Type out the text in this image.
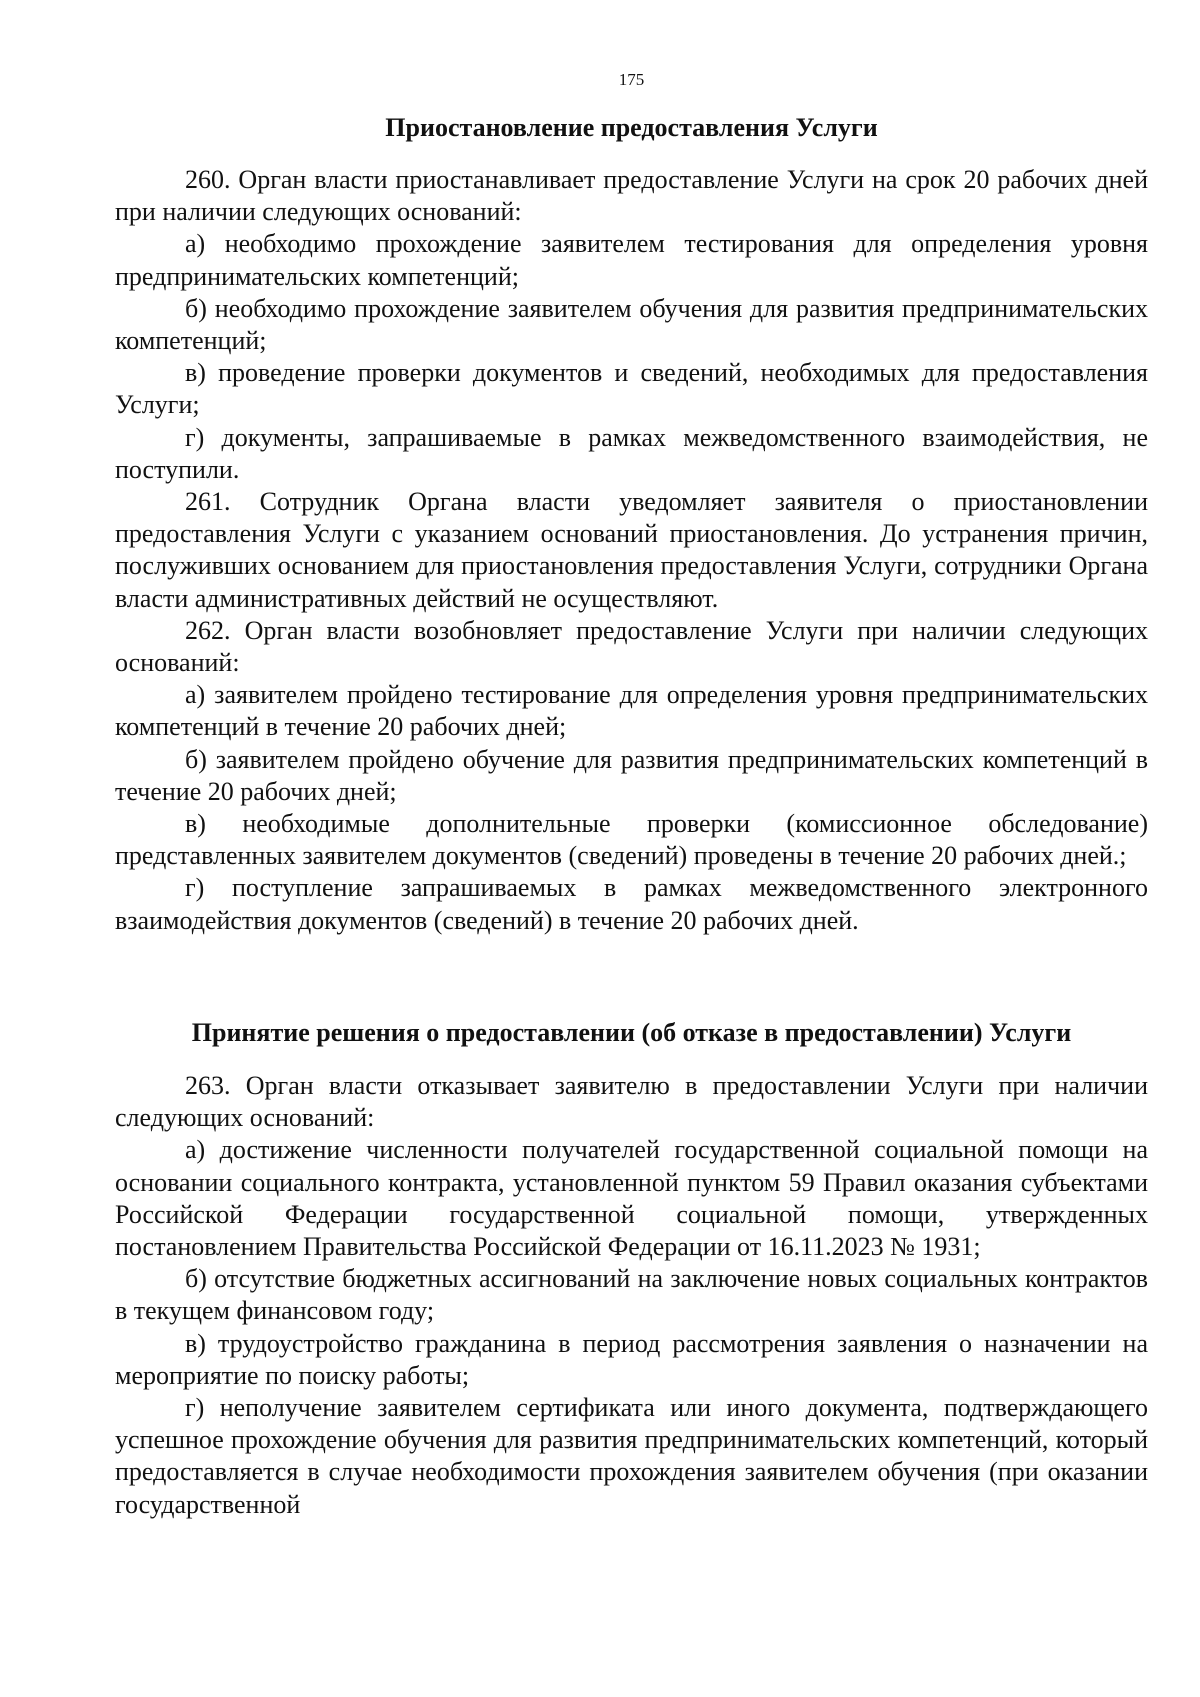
175
Приостановление предоставления Услуги

260. Орган власти приостанавливает предоставление Услуги на срок 20 рабочих дней при наличии следующих оснований:

а) необходимо прохождение заявителем тестирования для определения уровня предпринимательских компетенций;

б) необходимо прохождение заявителем обучения для развития предпринимательских компетенций;

в) проведение проверки документов и сведений, необходимых для предоставления Услуги;

г) документы, запрашиваемые в рамках межведомственного взаимодействия, не поступили.

261. Сотрудник Органа власти уведомляет заявителя о приостановлении предоставления Услуги с указанием оснований приостановления. До устранения причин, послуживших основанием для приостановления предоставления Услуги, сотрудники Органа власти административных действий не осуществляют.

262. Орган власти возобновляет предоставление Услуги при наличии следующих оснований:

а) заявителем пройдено тестирование для определения уровня предпринимательских компетенций в течение 20 рабочих дней;

б) заявителем пройдено обучение для развития предпринимательских компетенций в течение 20 рабочих дней;

в) необходимые дополнительные проверки (комиссионное обследование) представленных заявителем документов (сведений) проведены в течение 20 рабочих дней.;

г) поступление запрашиваемых в рамках межведомственного электронного взаимодействия документов (сведений) в течение 20 рабочих дней.

Принятие решения о предоставлении (об отказе в предоставлении) Услуги

263. Орган власти отказывает заявителю в предоставлении Услуги при наличии следующих оснований:

а) достижение численности получателей государственной социальной помощи на основании социального контракта, установленной пунктом 59 Правил оказания субъектами Российской Федерации государственной социальной помощи, утвержденных постановлением Правительства Российской Федерации от 16.11.2023 № 1931;

б) отсутствие бюджетных ассигнований на заключение новых социальных контрактов в текущем финансовом году;

в) трудоустройство гражданина в период рассмотрения заявления о назначении на мероприятие по поиску работы;

г) неполучение заявителем сертификата или иного документа, подтверждающего успешное прохождение обучения для развития предпринимательских компетенций, который предоставляется в случае необходимости прохождения заявителем обучения (при оказании государственной
